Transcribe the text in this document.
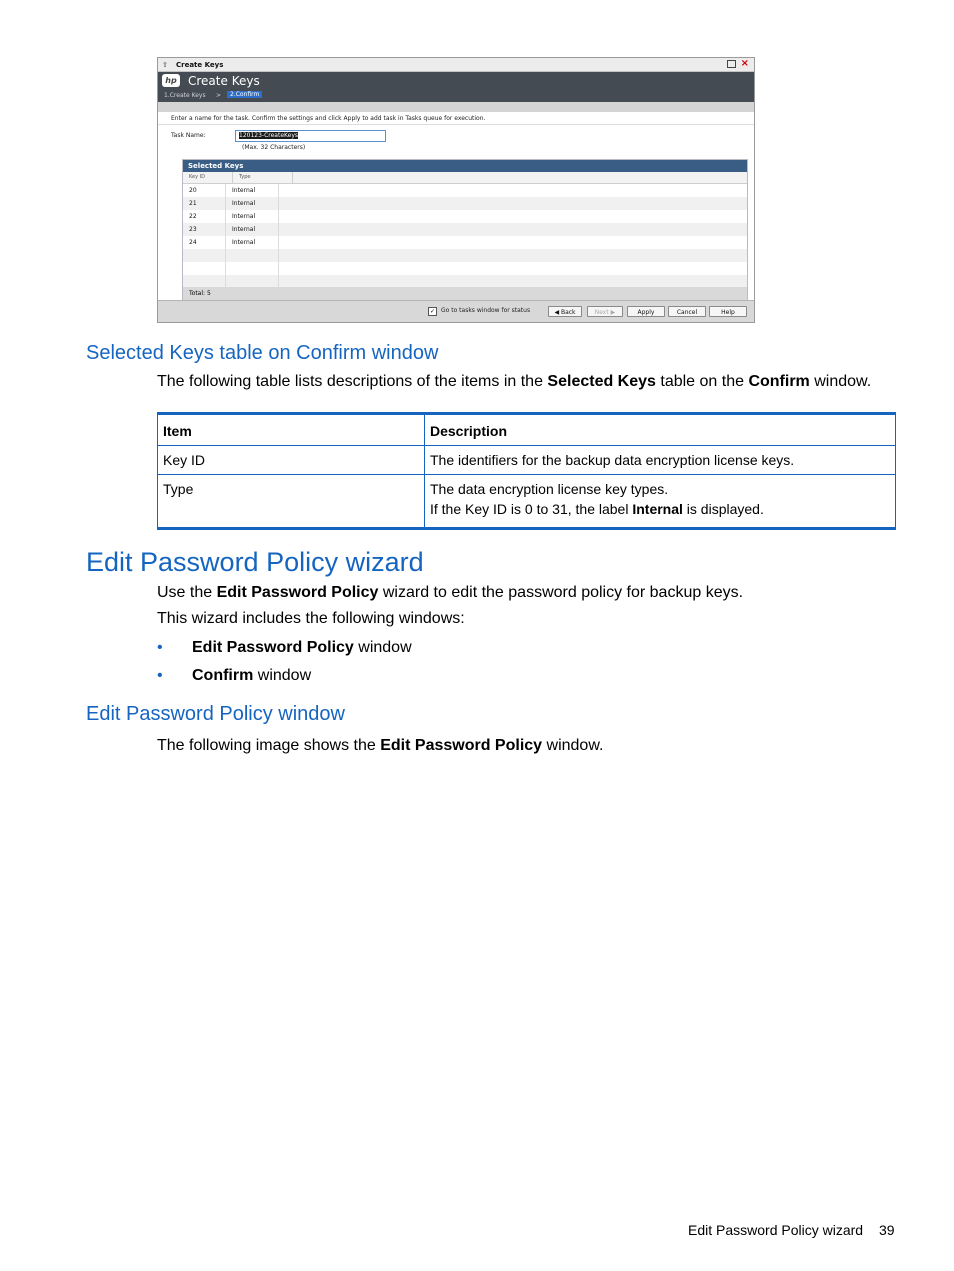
⇧	Create Keys	×
hp Create Keys
1.Create Keys >	2.Confirm
Enter a name for the task. Confirm the settings and click Apply to add task in Tasks queue for execution.
Task Name:	120123-CreateKeys
(Max. 32 Characters)
Selected Keys
Key ID	Type
20	Internal
21	Internal
22	Internal
23	Internal
24	Internal
Total: 5
✓ Go to tasks window for status	◀ Back	Next ▶	Apply	Cancel	Help
Selected Keys table on Confirm window
The following table lists descriptions of the items in the Selected Keys table on the Confirm window.
Item	Description
Key ID	The identifiers for the backup data encryption license keys.
Type	The data encryption license key types.
If the Key ID is 0 to 31, the label Internal is displayed.
Edit Password Policy wizard
Use the Edit Password Policy wizard to edit the password policy for backup keys.
This wizard includes the following windows:
• Edit Password Policy window
• Confirm window
Edit Password Policy window
The following image shows the Edit Password Policy window.
Edit Password Policy wizard 39
